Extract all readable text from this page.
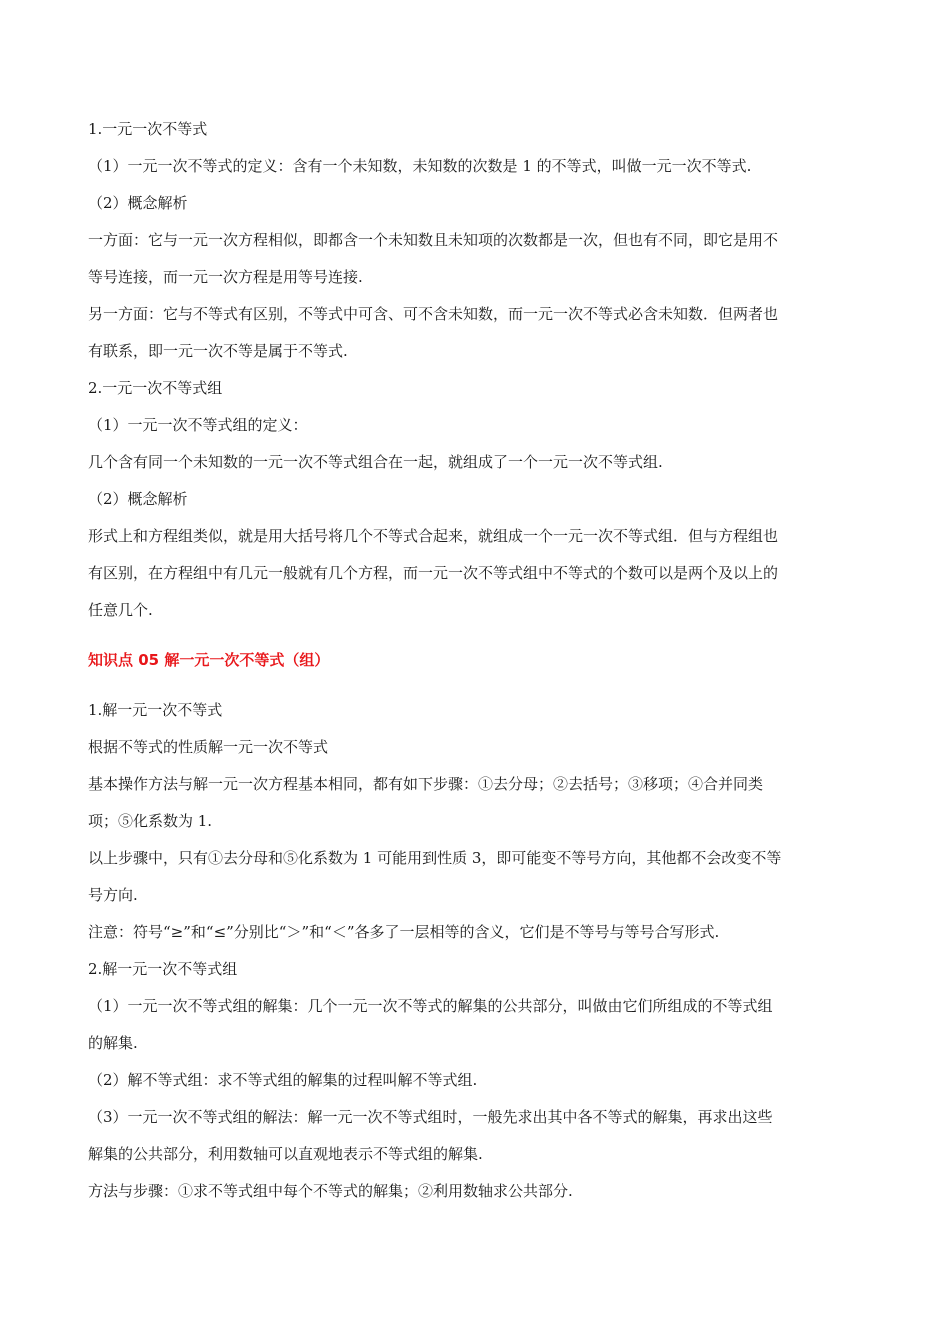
1.一元一次不等式
（1）一元一次不等式的定义：含有一个未知数，未知数的次数是 1 的不等式，叫做一元一次不等式.
（2）概念解析
一方面：它与一元一次方程相似，即都含一个未知数且未知项的次数都是一次，但也有不同，即它是用不
等号连接，而一元一次方程是用等号连接.
另一方面：它与不等式有区别，不等式中可含、可不含未知数，而一元一次不等式必含未知数．但两者也
有联系，即一元一次不等是属于不等式.
2.一元一次不等式组
（1）一元一次不等式组的定义：
几个含有同一个未知数的一元一次不等式组合在一起，就组成了一个一元一次不等式组.
（2）概念解析
形式上和方程组类似，就是用大括号将几个不等式合起来，就组成一个一元一次不等式组．但与方程组也
有区别，在方程组中有几元一般就有几个方程，而一元一次不等式组中不等式的个数可以是两个及以上的
任意几个.
知识点 05 解一元一次不等式（组）
1.解一元一次不等式
根据不等式的性质解一元一次不等式
基本操作方法与解一元一次方程基本相同，都有如下步骤：①去分母；②去括号；③移项；④合并同类
项；⑤化系数为 1.
以上步骤中，只有①去分母和⑤化系数为 1 可能用到性质 3，即可能变不等号方向，其他都不会改变不等
号方向.
注意：符号“≥”和“≤”分别比“＞”和“＜”各多了一层相等的含义，它们是不等号与等号合写形式.
2.解一元一次不等式组
（1）一元一次不等式组的解集：几个一元一次不等式的解集的公共部分，叫做由它们所组成的不等式组
的解集.
（2）解不等式组：求不等式组的解集的过程叫解不等式组.
（3）一元一次不等式组的解法：解一元一次不等式组时，一般先求出其中各不等式的解集，再求出这些
解集的公共部分，利用数轴可以直观地表示不等式组的解集.
方法与步骤：①求不等式组中每个不等式的解集；②利用数轴求公共部分.
